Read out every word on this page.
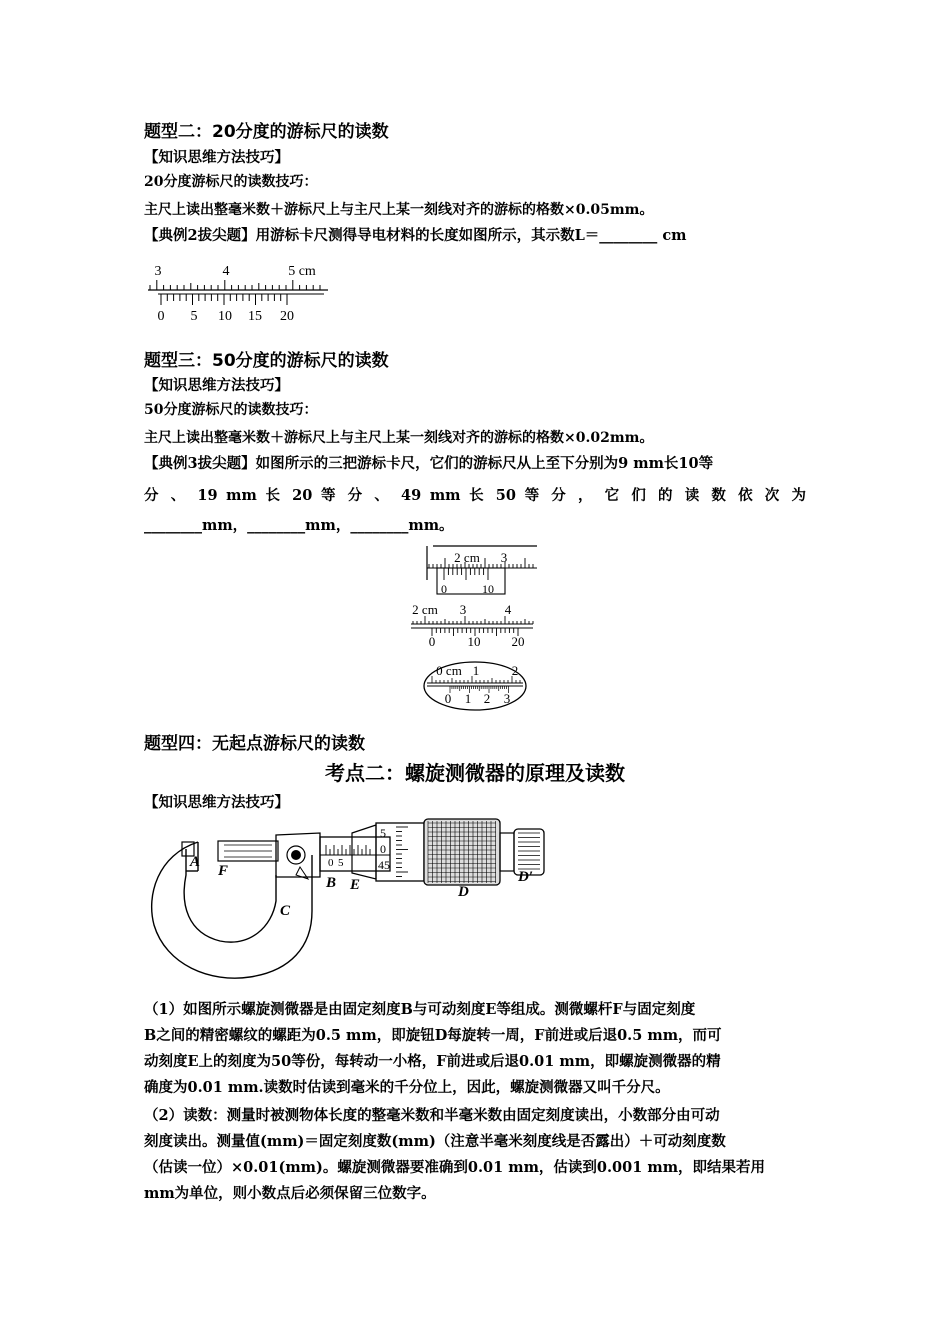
题型二：20分度的游标尺的读数
【知识思维方法技巧】
20分度游标尺的读数技巧：
主尺上读出整毫米数＋游标尺上与主尺上某一刻线对齐的游标的格数×0.05mm。
【典例2拔尖题】用游标卡尺测得导电材料的长度如图所示，其示数L＝________ cm
3	4	5 cm
0 5 10 15 20
题型三：50分度的游标尺的读数
【知识思维方法技巧】
50分度游标尺的读数技巧：
主尺上读出整毫米数＋游标尺上与主尺上某一刻线对齐的游标的格数×0.02mm。
【典例3拔尖题】如图所示的三把游标卡尺，它们的游标尺从上至下分别为9 mm长10等
分 、 19 mm 长 20 等 分 、 49 mm 长 50 等 分 ， 它 们 的 读 数 依 次 为
________mm，________mm，________mm。
2 cm 3
0	10
2 cm 3	4
0 10 20
0 cm 1	2
0 1 2 3
题型四：无起点游标尺的读数
考点二：螺旋测微器的原理及读数
【知识思维方法技巧】
0 5
5
0
45
A
F
B E
C
D
D′
（1）如图所示螺旋测微器是由固定刻度B与可动刻度E等组成。测微螺杆F与固定刻度
B之间的精密螺纹的螺距为0.5 mm，即旋钮D每旋转一周，F前进或后退0.5 mm，而可
动刻度E上的刻度为50等份，每转动一小格，F前进或后退0.01 mm，即螺旋测微器的精
确度为0.01 mm.读数时估读到毫米的千分位上，因此，螺旋测微器又叫千分尺。
（2）读数：测量时被测物体长度的整毫米数和半毫米数由固定刻度读出，小数部分由可动
刻度读出。测量值(mm)＝固定刻度数(mm)（注意半毫米刻度线是否露出）＋可动刻度数
（估读一位）×0.01(mm)。螺旋测微器要准确到0.01 mm，估读到0.001 mm，即结果若用
mm为单位，则小数点后必须保留三位数字。
